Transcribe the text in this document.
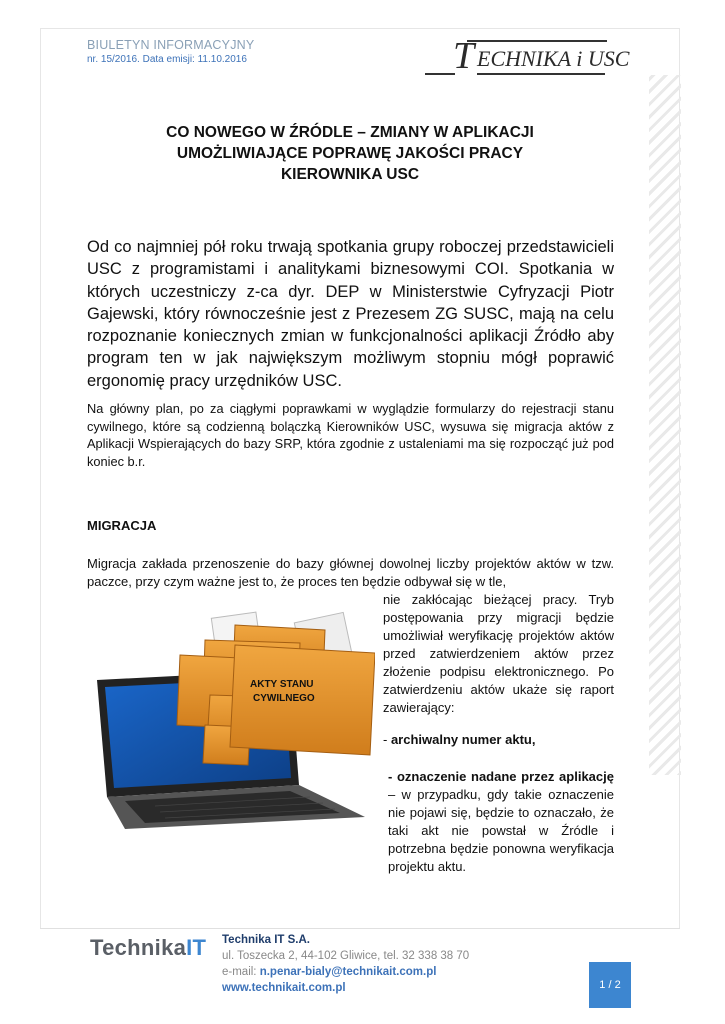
BIULETYN INFORMACYJNY
nr. 15/2016. Data emisji: 11.10.2016	T ECHNIKA i USC
CO NOWEGO W ŹRÓDLE – ZMIANY W APLIKACJI
UMOŻLIWIAJĄCE POPRAWĘ JAKOŚCI PRACY
KIEROWNIKA USC

Od co najmniej pół roku trwają spotkania grupy roboczej przedstawicieli USC z programistami i analitykami biznesowymi COI. Spotkania w których uczestniczy z-ca dyr. DEP w Ministerstwie Cyfryzacji Piotr Gajewski, który równocześnie jest z Prezesem ZG SUSC, mają na celu rozpoznanie koniecznych zmian w funkcjonalności aplikacji Źródło aby program ten w jak największym możliwym stopniu mógł poprawić ergonomię pracy urzędników USC.

Na główny plan, po za ciągłymi poprawkami w wyglądzie formularzy do rejestracji stanu cywilnego, które są codzienną bolączką Kierowników USC, wysuwa się migracja aktów z Aplikacji Wspierających do bazy SRP, która zgodnie z ustaleniami ma się rozpocząć już pod koniec b.r.

MIGRACJA

Migracja zakłada przenoszenie do bazy głównej dowolnej liczby projektów aktów w tzw. paczce, przy czym ważne jest to, że proces ten będzie odbywał się w tle,

nie zakłócając bieżącej pracy. Tryb postępowania przy migracji będzie umożliwiał weryfikację projektów aktów przed zatwierdzeniem aktów przez złożenie podpisu elektronicznego. Po zatwierdzeniu aktów ukaże się raport zawierający:

- archiwalny numer aktu,

- oznaczenie nadane przez aplikację – w przypadku, gdy takie oznaczenie nie pojawi się, będzie to oznaczało, że taki akt nie powstał w Źródle i potrzebna będzie ponowna weryfikacja projektu aktu.

AKTY STANU
CYWILNEGO
TechnikaIT Technika IT S.A.
ul. Toszecka 2, 44-102 Gliwice, tel. 32 338 38 70
e-mail: n.penar-bialy@technikait.com.pl
www.technikait.com.pl	1 / 2
